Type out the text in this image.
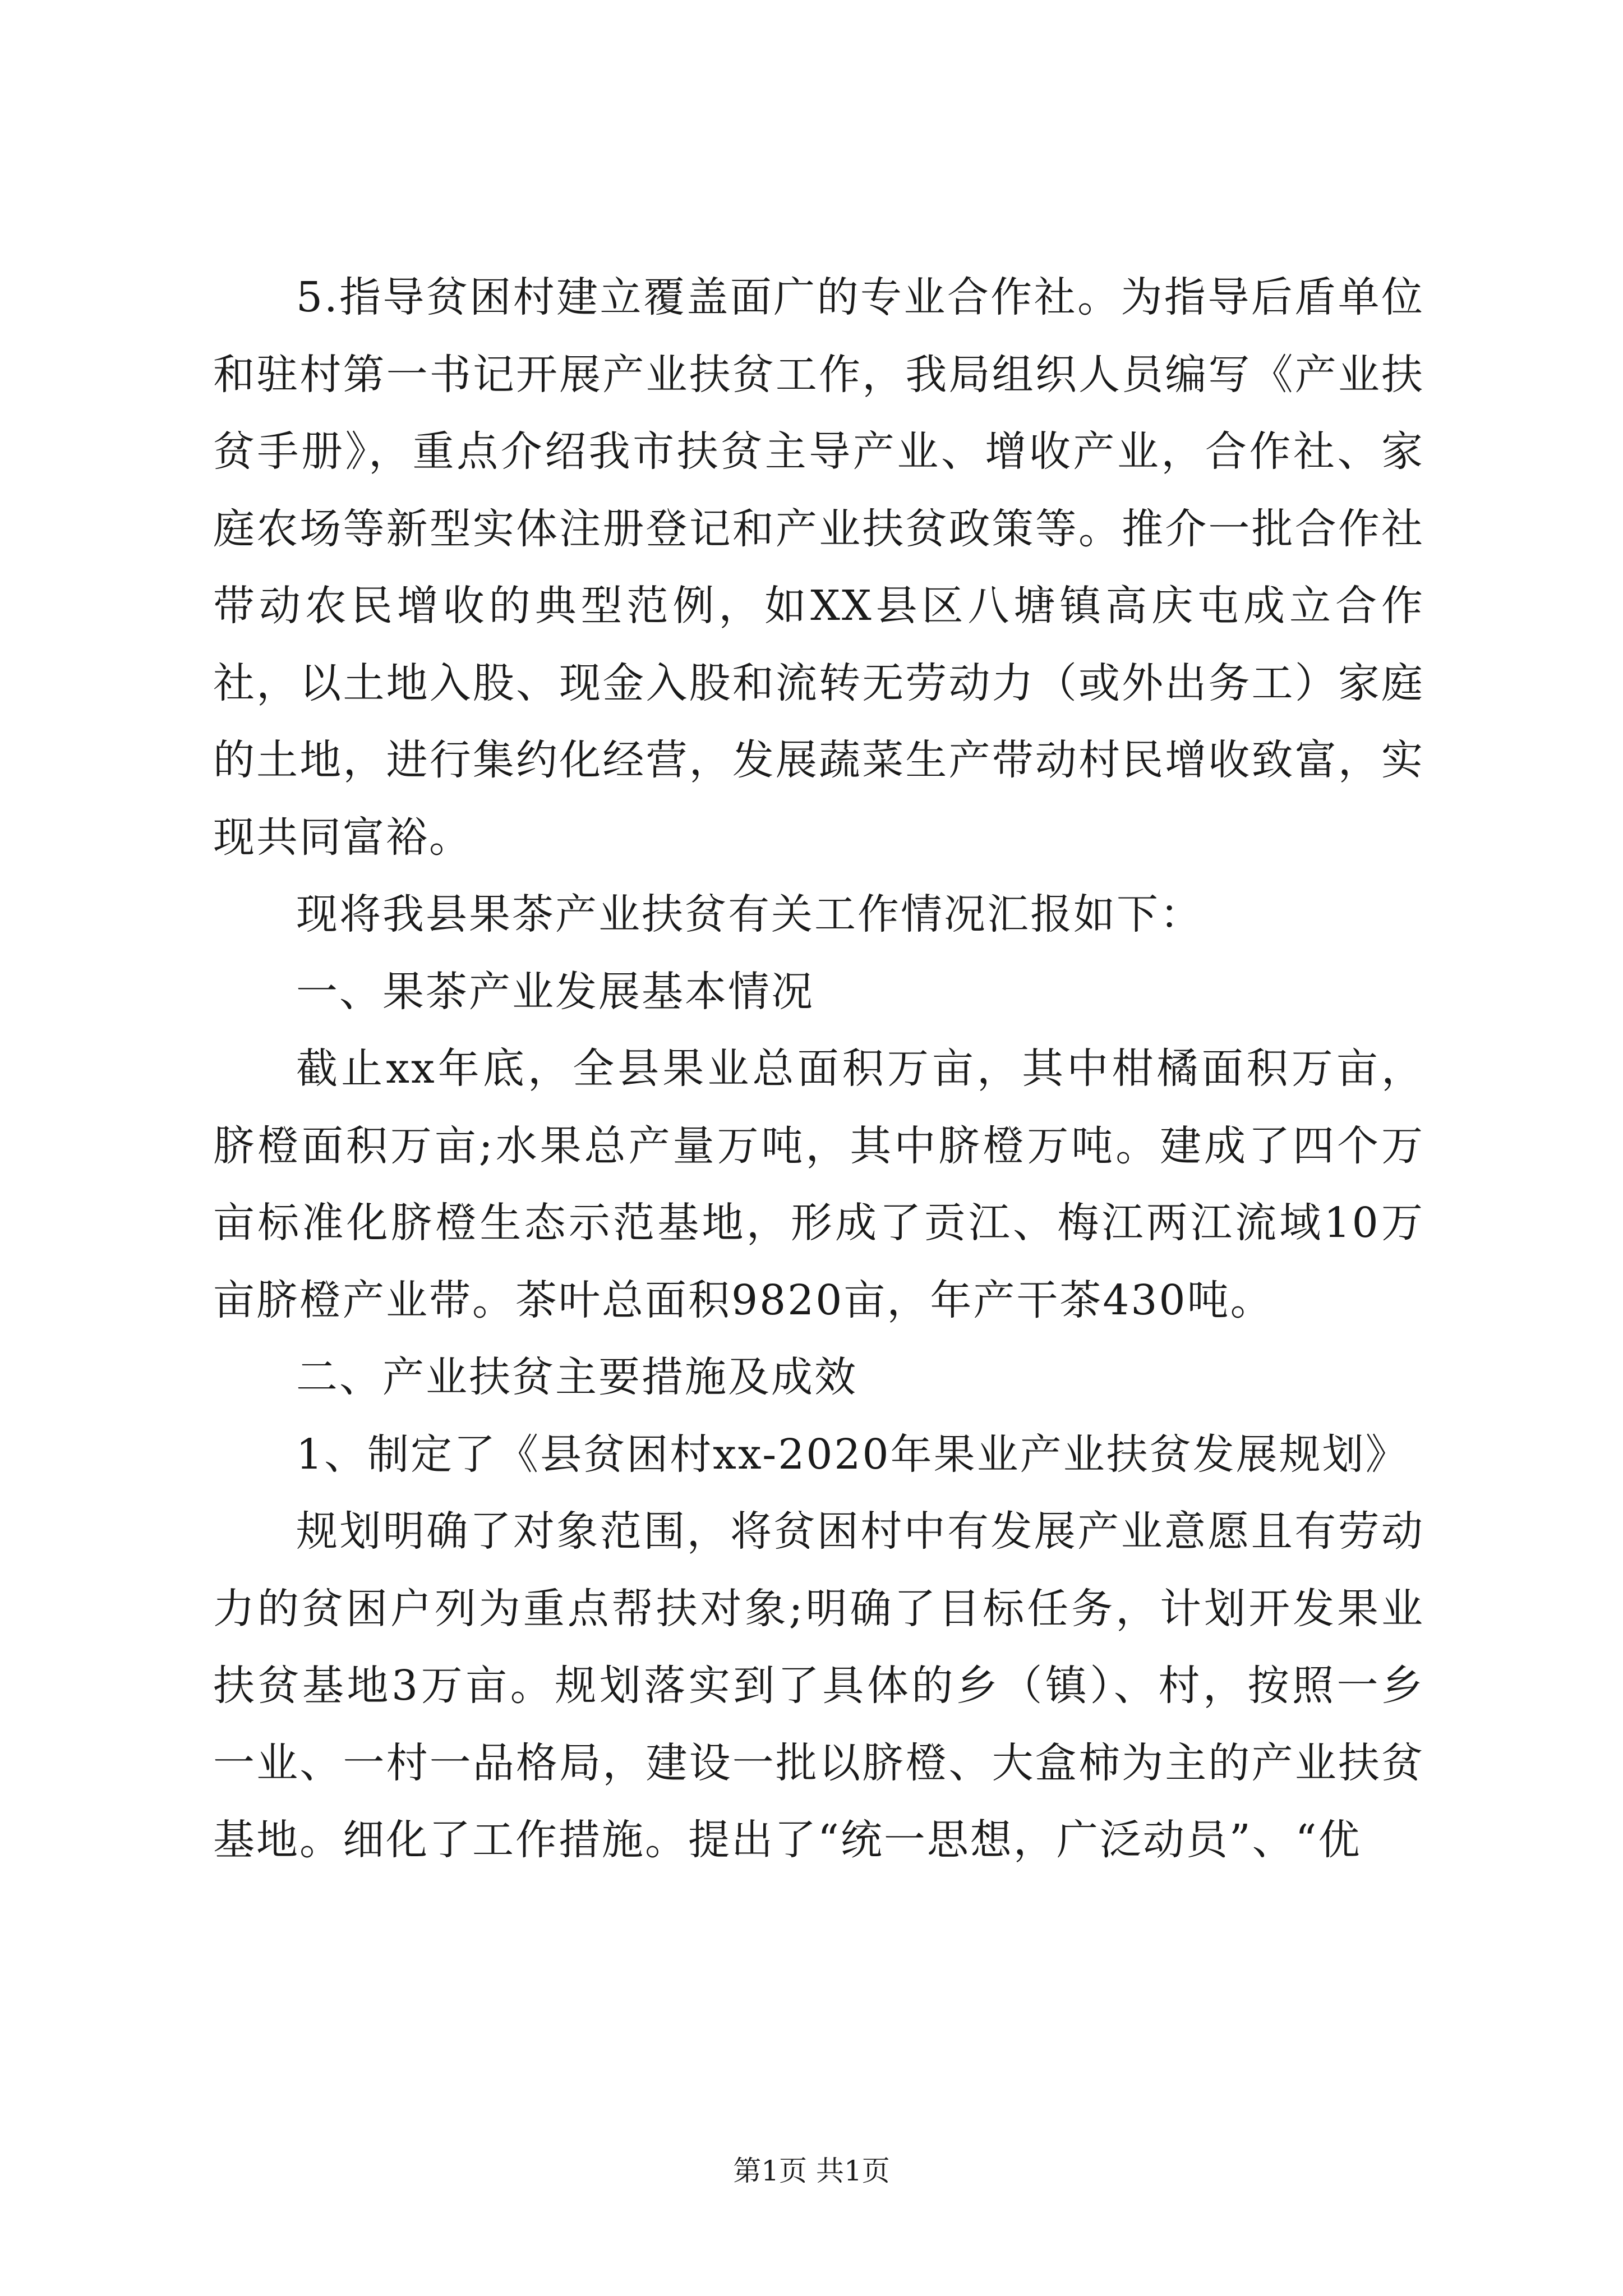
5.指导贫困村建立覆盖面广的专业合作社。为指导后盾单位和驻村第一书记开展产业扶贫工作，我局组织人员编写《产业扶贫手册》，重点介绍我市扶贫主导产业、增收产业，合作社、家庭农场等新型实体注册登记和产业扶贫政策等。推介一批合作社带动农民增收的典型范例，如XX县区八塘镇高庆屯成立合作社，以土地入股、现金入股和流转无劳动力（或外出务工）家庭的土地，进行集约化经营，发展蔬菜生产带动村民增收致富，实现共同富裕。

现将我县果茶产业扶贫有关工作情况汇报如下：

一、果茶产业发展基本情况

截止xx年底，全县果业总面积万亩，其中柑橘面积万亩，脐橙面积万亩;水果总产量万吨，其中脐橙万吨。建成了四个万亩标准化脐橙生态示范基地，形成了贡江、梅江两江流域10万亩脐橙产业带。茶叶总面积9820亩，年产干茶430吨。

二、产业扶贫主要措施及成效

1、制定了《县贫困村xx-2020年果业产业扶贫发展规划》

规划明确了对象范围，将贫困村中有发展产业意愿且有劳动力的贫困户列为重点帮扶对象;明确了目标任务，计划开发果业扶贫基地3万亩。规划落实到了具体的乡（镇）、村，按照一乡一业、一村一品格局，建设一批以脐橙、大盒柿为主的产业扶贫基地。细化了工作措施。提出了“统一思想，广泛动员”、“优

第1页 共1页
